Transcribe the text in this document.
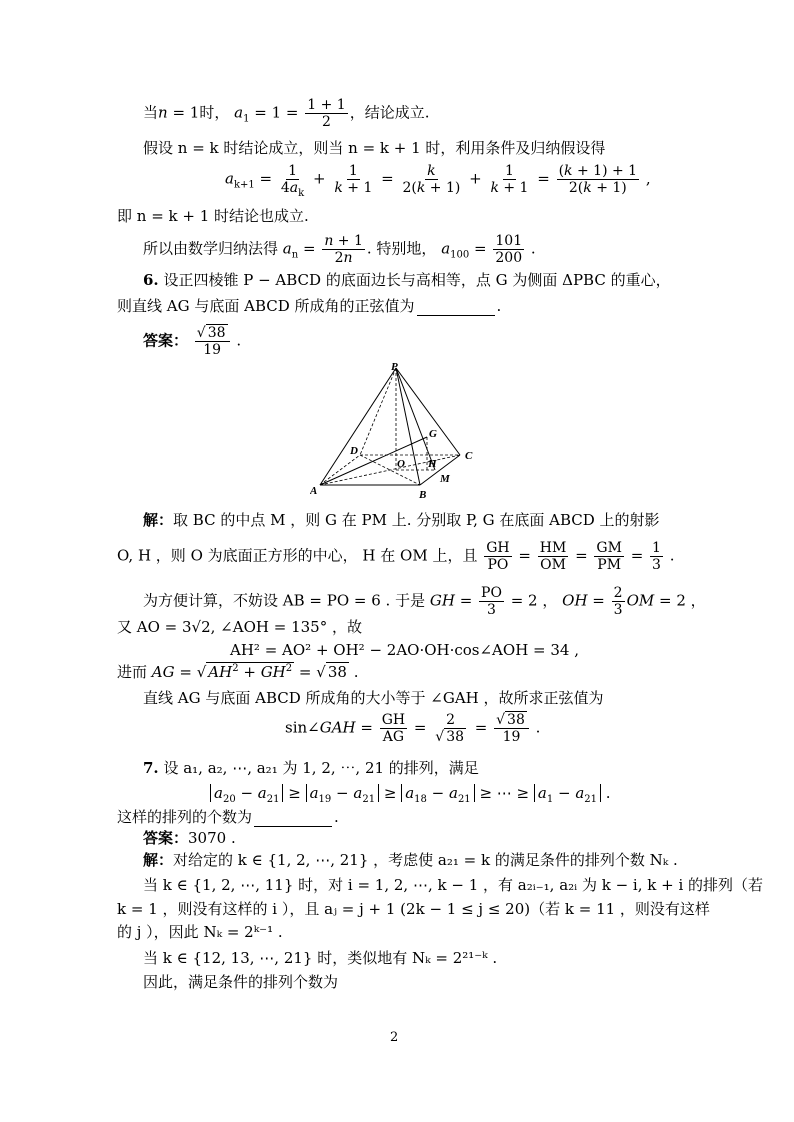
当n = 1时， $a_1 = 1 = \frac{1 + 1}{2}$ ，结论成立.
假设 n = k 时结论成立，则当 n = k + 1 时，利用条件及归纳假设得
$a_{k+1} = \frac{1}{4a_k} + \frac{1}{k + 1} = \frac{k}{2(k + 1)} + \frac{1}{k + 1} = \frac{(k + 1) + 1}{2(k + 1)}$ ,
即 n = k + 1 时结论也成立.
所以由数学归纳法得 $a_n = \frac{n + 1}{2n}$ . 特别地， $a_{100} = \frac{101}{200}$ .
6. 设正四棱锥 P − ABCD 的底面边长与高相等，点 G 为侧面 ΔPBC 的重心，
则直线 AG 与底面 ABCD 所成角的正弦值为	.
答案： $\frac{√ 38}{19}$ .
P
A	B
C
D
O H
G
M
解：取 BC 的中点 M ，则 G 在 PM 上. 分别取 P, G 在底面 ABCD 上的射影
O, H ，则 O 为底面正方形的中心， H 在 OM 上，且 $\frac{GH}{PO} = \frac{HM}{OM} = \frac{GM}{PM} = \frac{1}{3}$ .
为方便计算，不妨设 AB = PO = 6 . 于是 GH = $\frac{PO}{3} = 2$ ， OH = $\frac{2}{3}$ OM = 2 ，
又 AO = 3√2, ∠AOH = 135° ，故
AH² = AO² + OH² − 2AO·OH·cos∠AOH = 34 ,
进而 AG = √ $AH^2 + GH^2$ = √ 38 .
直线 AG 与底面 ABCD 所成角的大小等于 ∠GAH ，故所求正弦值为
sin∠GAH = $\frac{GH}{AG} = \frac{2}{√ 38} = \frac{√ 38}{19}$ .
7. 设 a₁, a₂, ⋯, a₂₁ 为 1, 2, ⋯, 21 的排列，满足
$a_{20} - a_{21} \ge a_{19} - a_{21} \ge a_{18} - a_{21}$ ≥ ⋯ ≥ $a_1 - a_{21}$ .
这样的排列的个数为	.
答案：3070 .
解：对给定的 k ∈ {1, 2, ⋯, 21} ，考虑使 a₂₁ = k 的满足条件的排列个数 Nₖ .
当 k ∈ {1, 2, ⋯, 11} 时，对 i = 1, 2, ⋯, k − 1 ，有 a₂ᵢ₋₁, a₂ᵢ 为 k − i, k + i 的排列（若
k = 1 ，则没有这样的 i ），且 aⱼ = j + 1 (2k − 1 ≤ j ≤ 20)（若 k = 11 ，则没有这样
的 j ），因此 Nₖ = 2ᵏ⁻¹ .
当 k ∈ {12, 13, ⋯, 21} 时，类似地有 Nₖ = 2²¹⁻ᵏ .
因此，满足条件的排列个数为
2
